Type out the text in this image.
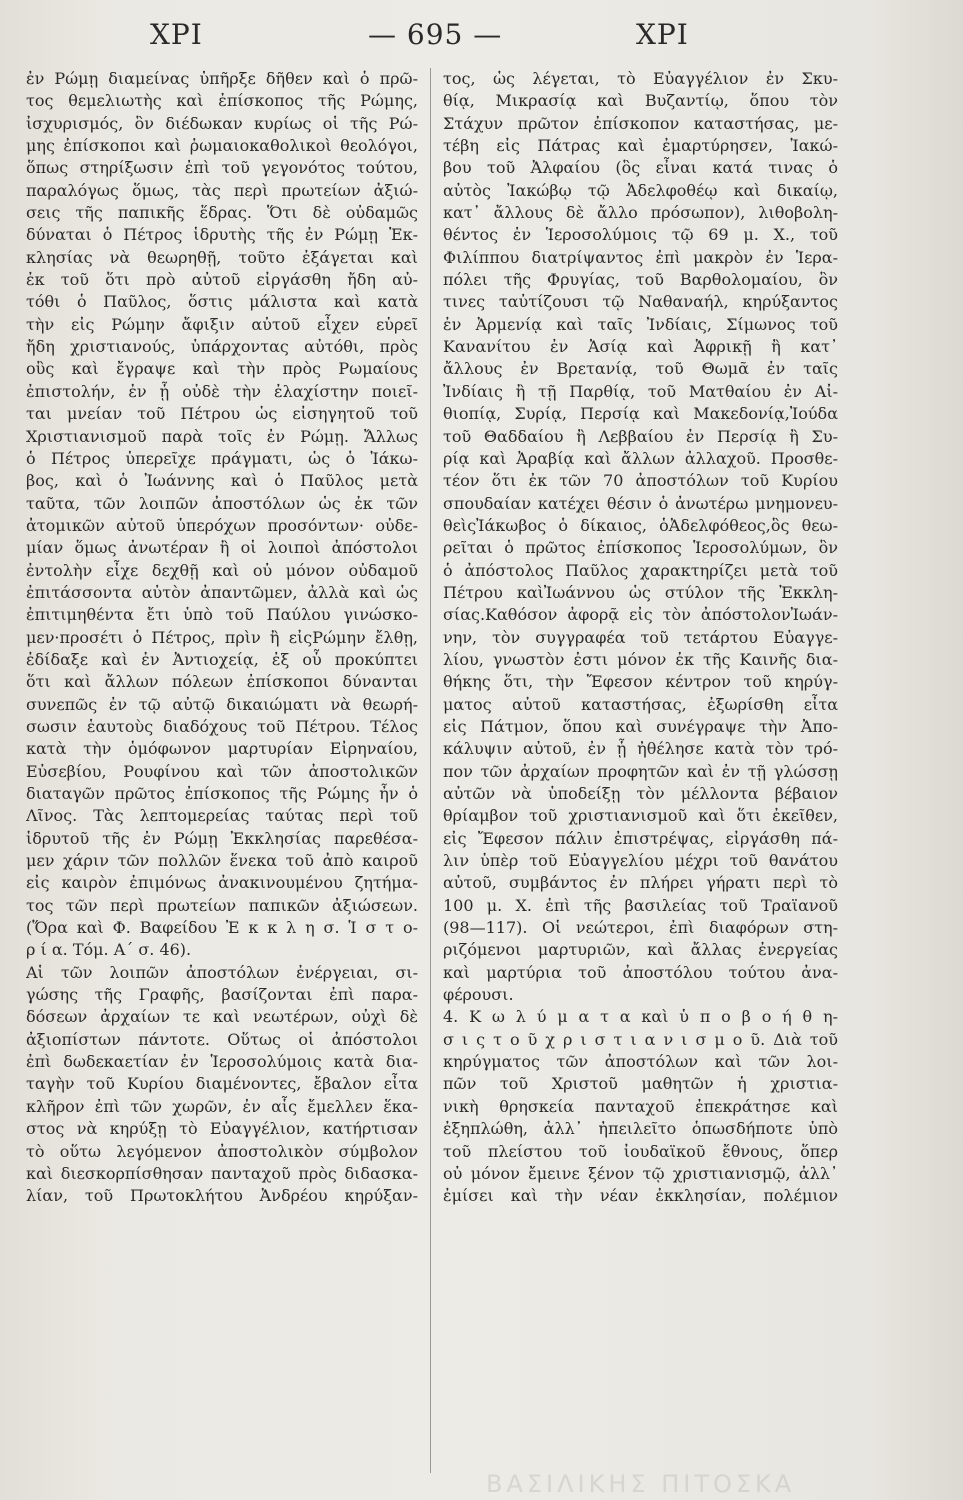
ΧΡΙ	— 695 —	ΧΡΙ
ἐν Ρώμῃ διαμείνας ὑπῆρξε δῆθεν καὶ ὁ πρῶ-
τος θεμελιωτὴς καὶ ἐπίσκοπος τῆς Ρώμης,
ἰσχυρισμός, ὃν διέδωκαν κυρίως οἱ τῆς Ρώ-
μης ἐπίσκοποι καὶ ῥωμαιοκαθολικοὶ θεολόγοι,
ὅπως στηρίξωσιν ἐπὶ τοῦ γεγονότος τούτου,
παραλόγως ὅμως, τὰς περὶ πρωτείων ἀξιώ-
σεις τῆς παπικῆς ἕδρας. Ὅτι δὲ οὐδαμῶς
δύναται ὁ Πέτρος ἱδρυτὴς τῆς ἐν Ρώμῃ Ἐκ-
κλησίας νὰ θεωρηθῇ, τοῦτο ἐξάγεται καὶ
ἐκ τοῦ ὅτι πρὸ αὐτοῦ εἰργάσθη ἤδη αὐ-
τόθι ὁ Παῦλος, ὅστις μάλιστα καὶ κατὰ
τὴν εἰς Ρώμην ἄφιξιν αὐτοῦ εἶχεν εὑρεῖ
ἤδη χριστιανούς, ὑπάρχοντας αὐτόθι, πρὸς
οὓς καὶ ἔγραψε καὶ τὴν πρὸς Ρωμαίους
ἐπιστολήν, ἐν ᾗ οὐδὲ τὴν ἐλαχίστην ποιεῖ-
ται μνείαν τοῦ Πέτρου ὡς εἰσηγητοῦ τοῦ
Χριστιανισμοῦ παρὰ τοῖς ἐν Ρώμῃ. Ἄλλως
ὁ Πέτρος ὑπερεῖχε πράγματι, ὡς ὁ Ἰάκω-
βος, καὶ ὁ Ἰωάννης καὶ ὁ Παῦλος μετὰ
ταῦτα, τῶν λοιπῶν ἀποστόλων ὡς ἐκ τῶν
ἀτομικῶν αὐτοῦ ὑπερόχων προσόντων· οὐδε-
μίαν ὅμως ἀνωτέραν ἢ οἱ λοιποὶ ἀπόστολοι
ἐντολὴν εἶχε δεχθῇ καὶ οὐ μόνον οὐδαμοῦ
ἐπιτάσσοντα αὐτὸν ἀπαντῶμεν, ἀλλὰ καὶ ὡς
ἐπιτιμηθέντα ἔτι ὑπὸ τοῦ Παύλου γινώσκο-
μεν·προσέτι ὁ Πέτρος, πρὶν ἢ εἰςΡώμην ἔλθῃ,
ἐδίδαξε καὶ ἐν Ἀντιοχείᾳ, ἐξ οὗ προκύπτει
ὅτι καὶ ἄλλων πόλεων ἐπίσκοποι δύνανται
συνεπῶς ἐν τῷ αὐτῷ δικαιώματι νὰ θεωρή-
σωσιν ἑαυτοὺς διαδόχους τοῦ Πέτρου. Τέλος
κατὰ τὴν ὁμόφωνον μαρτυρίαν Εἰρηναίου,
Εὐσεβίου, Ρουφίνου καὶ τῶν ἀποστολικῶν
διαταγῶν πρῶτος ἐπίσκοπος τῆς Ρώμης ἦν ὁ
Λῖνος. Τὰς λεπτομερείας ταύτας περὶ τοῦ
ἱδρυτοῦ τῆς ἐν Ρώμῃ Ἐκκλησίας παρεθέσα-
μεν χάριν τῶν πολλῶν ἕνεκα τοῦ ἀπὸ καιροῦ
εἰς καιρὸν ἐπιμόνως ἀνακινουμένου ζητήμα-
τος τῶν περὶ πρωτείων παπικῶν ἀξιώσεων.
(Ὅρα καὶ Φ. Βαφείδου Ἐ κ κ λ η σ. Ἱ σ τ ο-
ρ ί α. Τόμ. Α΄ σ. 46).
Αἱ τῶν λοιπῶν ἀποστόλων ἐνέργειαι, σι-
γώσης τῆς Γραφῆς, βασίζονται ἐπὶ παρα-
δόσεων ἀρχαίων τε καὶ νεωτέρων, οὐχὶ δὲ
ἀξιοπίστων πάντοτε. Οὕτως οἱ ἀπόστολοι
ἐπὶ δωδεκαετίαν ἐν Ἱεροσολύμοις κατὰ δια-
ταγὴν τοῦ Κυρίου διαμένοντες, ἔβαλον εἶτα
κλῆρον ἐπὶ τῶν χωρῶν, ἐν αἷς ἔμελλεν ἕκα-
στος νὰ κηρύξῃ τὸ Εὐαγγέλιον, κατήρτισαν
τὸ οὕτω λεγόμενον ἀποστολικὸν σύμβολον
καὶ διεσκορπίσθησαν πανταχοῦ πρὸς διδασκα-
λίαν, τοῦ Πρωτοκλήτου Ἀνδρέου κηρύξαν-
τος, ὡς λέγεται, τὸ Εὐαγγέλιον ἐν Σκυ-
θίᾳ, Μικρασίᾳ καὶ Βυζαντίῳ, ὅπου τὸν
Στάχυν πρῶτον ἐπίσκοπον καταστήσας, με-
τέβη εἰς Πάτρας καὶ ἐμαρτύρησεν, Ἰακώ-
βου τοῦ Ἀλφαίου (ὃς εἶναι κατά τινας ὁ
αὐτὸς Ἰακώβῳ τῷ Ἀδελφοθέῳ καὶ δικαίῳ,
κατ᾿ ἄλλους δὲ ἄλλο πρόσωπον), λιθοβολη-
θέντος ἐν Ἱεροσολύμοις τῷ 69 μ. Χ., τοῦ
Φιλίππου διατρίψαντος ἐπὶ μακρὸν ἐν Ἱερα-
πόλει τῆς Φρυγίας, τοῦ Βαρθολομαίου, ὃν
τινες ταὐτίζουσι τῷ Ναθαναήλ, κηρύξαντος
ἐν Ἀρμενίᾳ καὶ ταῖς Ἰνδίαις, Σίμωνος τοῦ
Κανανίτου ἐν Ἀσίᾳ καὶ Ἀφρικῇ ἢ κατ᾿
ἄλλους ἐν Βρετανίᾳ, τοῦ Θωμᾶ ἐν ταῖς
Ἰνδίαις ἢ τῇ Παρθίᾳ, τοῦ Ματθαίου ἐν Αἰ-
θιοπίᾳ, Συρίᾳ, Περσίᾳ καὶ Μακεδονίᾳ,Ἰούδα
τοῦ Θαδδαίου ἢ Λεββαίου ἐν Περσίᾳ ἢ Συ-
ρίᾳ καὶ Ἀραβίᾳ καὶ ἄλλων ἀλλαχοῦ. Προσθε-
τέον ὅτι ἐκ τῶν 70 ἀποστόλων τοῦ Κυρίου
σπουδαίαν κατέχει θέσιν ὁ ἀνωτέρω μνημονευ-
θεὶςἸάκωβος ὁ δίκαιος, ὁἈδελφόθεος,ὃς θεω-
ρεῖται ὁ πρῶτος ἐπίσκοπος Ἱεροσολύμων, ὃν
ὁ ἀπόστολος Παῦλος χαρακτηρίζει μετὰ τοῦ
Πέτρου καὶἸωάννου ὡς στύλον τῆς Ἐκκλη-
σίας.Καθόσον ἀφορᾷ εἰς τὸν ἀπόστολονἸωάν-
νην, τὸν συγγραφέα τοῦ τετάρτου Εὐαγγε-
λίου, γνωστὸν ἐστι μόνον ἐκ τῆς Καινῆς δια-
θήκης ὅτι, τὴν Ἔφεσον κέντρον τοῦ κηρύγ-
ματος αὐτοῦ καταστήσας, ἐξωρίσθη εἶτα
εἰς Πάτμον, ὅπου καὶ συνέγραψε τὴν Ἀπο-
κάλυψιν αὐτοῦ, ἐν ᾗ ἠθέλησε κατὰ τὸν τρό-
πον τῶν ἀρχαίων προφητῶν καὶ ἐν τῇ γλώσσῃ
αὐτῶν νὰ ὑποδείξῃ τὸν μέλλοντα βέβαιον
θρίαμβον τοῦ χριστιανισμοῦ καὶ ὅτι ἐκεῖθεν,
εἰς Ἔφεσον πάλιν ἐπιστρέψας, εἰργάσθη πά-
λιν ὑπὲρ τοῦ Εὐαγγελίου μέχρι τοῦ θανάτου
αὐτοῦ, συμβάντος ἐν πλήρει γήρατι περὶ τὸ
100 μ. Χ. ἐπὶ τῆς βασιλείας τοῦ Τραϊανοῦ
(98—117). Οἱ νεώτεροι, ἐπὶ διαφόρων στη-
ριζόμενοι μαρτυριῶν, καὶ ἄλλας ἐνεργείας
καὶ μαρτύρια τοῦ ἀποστόλου τούτου ἀνα-
φέρουσι.
4. Κ ω λ ύ μ α τ α καὶ ὑ π ο β ο ή θ η-
σ ι ς τ ο ῦ χ ρ ι σ τ ι α ν ι σ μ ο ῦ. Διὰ τοῦ
κηρύγματος τῶν ἀποστόλων καὶ τῶν λοι-
πῶν τοῦ Χριστοῦ μαθητῶν ἡ χριστια-
νικὴ θρησκεία πανταχοῦ ἐπεκράτησε καὶ
ἐξηπλώθη, ἀλλ᾿ ἠπειλεῖτο ὁπωσδήποτε ὑπὸ
τοῦ πλείστου τοῦ ἰουδαϊκοῦ ἔθνους, ὅπερ
οὐ μόνον ἔμεινε ξένον τῷ χριστιανισμῷ, ἀλλ᾿
ἐμίσει καὶ τὴν νέαν ἐκκλησίαν, πολέμιον
ΒΑΣΙΛΙΚΗΣ ΠΙΤΟΣΚΑ
